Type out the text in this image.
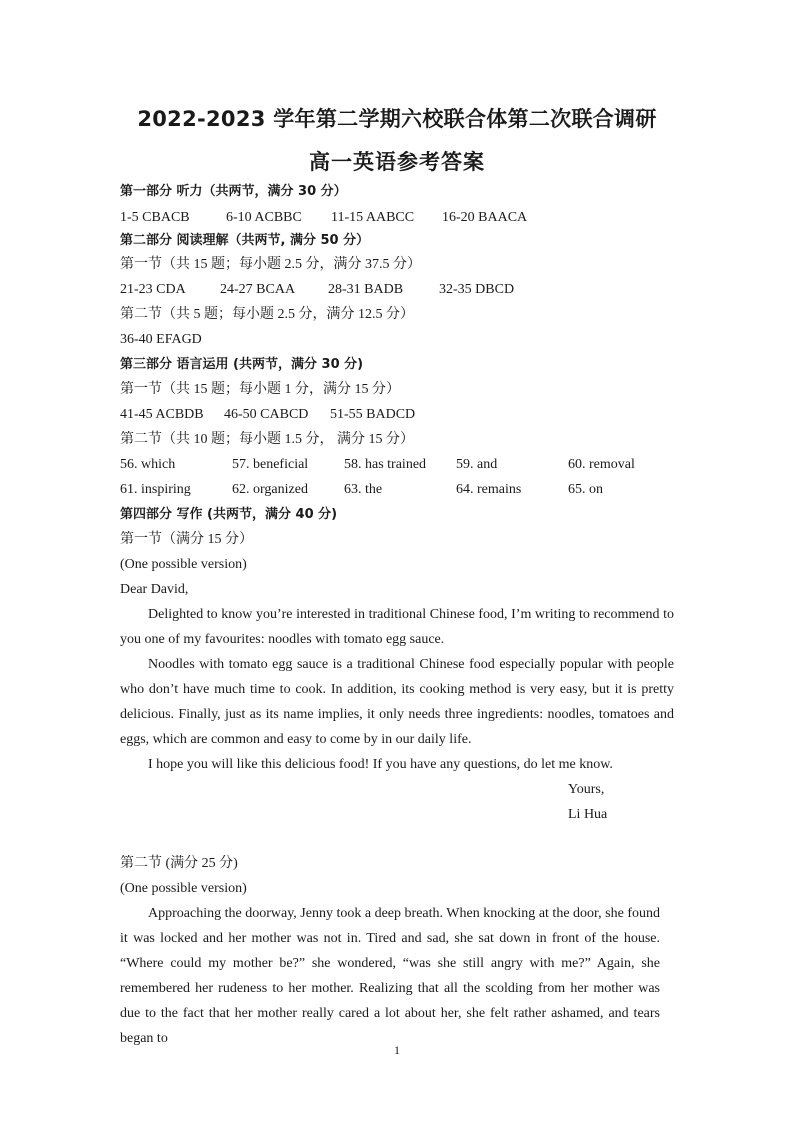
2022-2023 学年第二学期六校联合体第二次联合调研
高一英语参考答案
第一部分 听力（共两节，满分 30 分）
1-5 CBACB	6-10 ACBBC 11-15 AABCC 16-20 BAACA
第二部分 阅读理解（共两节, 满分 50 分）
第一节（共 15 题；每小题 2.5 分，满分 37.5 分）
21-23 CDA 24-27 BCAA 28-31 BADB	32-35 DBCD
第二节（共 5 题；每小题 2.5 分，满分 12.5 分）
36-40 EFAGD
第三部分 语言运用 (共两节，满分 30 分)
第一节（共 15 题；每小题 1 分，满分 15 分）
41-45 ACBDB 46-50 CABCD 51-55 BADCD
第二节（共 10 题；每小题 1.5 分， 满分 15 分）
56. which	57. beneficial	58. has trained 59. and	60. removal
61. inspiring	62. organized	63. the	64. remains	65. on
第四部分 写作 (共两节，满分 40 分)
第一节（满分 15 分）
(One possible version)
Dear David,
Delighted to know you’re interested in traditional Chinese food, I’m writing to recommend to you one of my favourites: noodles with tomato egg sauce.
Noodles with tomato egg sauce is a traditional Chinese food especially popular with people who don’t have much time to cook. In addition, its cooking method is very easy, but it is pretty delicious. Finally, just as its name implies, it only needs three ingredients: noodles, tomatoes and eggs, which are common and easy to come by in our daily life.
I hope you will like this delicious food! If you have any questions, do let me know.
Yours,
Li Hua
第二节 (满分 25 分)
(One possible version)
Approaching the doorway, Jenny took a deep breath. When knocking at the door, she found it was locked and her mother was not in. Tired and sad, she sat down in front of the house. “Where could my mother be?” she wondered, “was she still angry with me?” Again, she remembered her rudeness to her mother. Realizing that all the scolding from her mother was due to the fact that her mother really cared a lot about her, she felt rather ashamed, and tears began to
1
